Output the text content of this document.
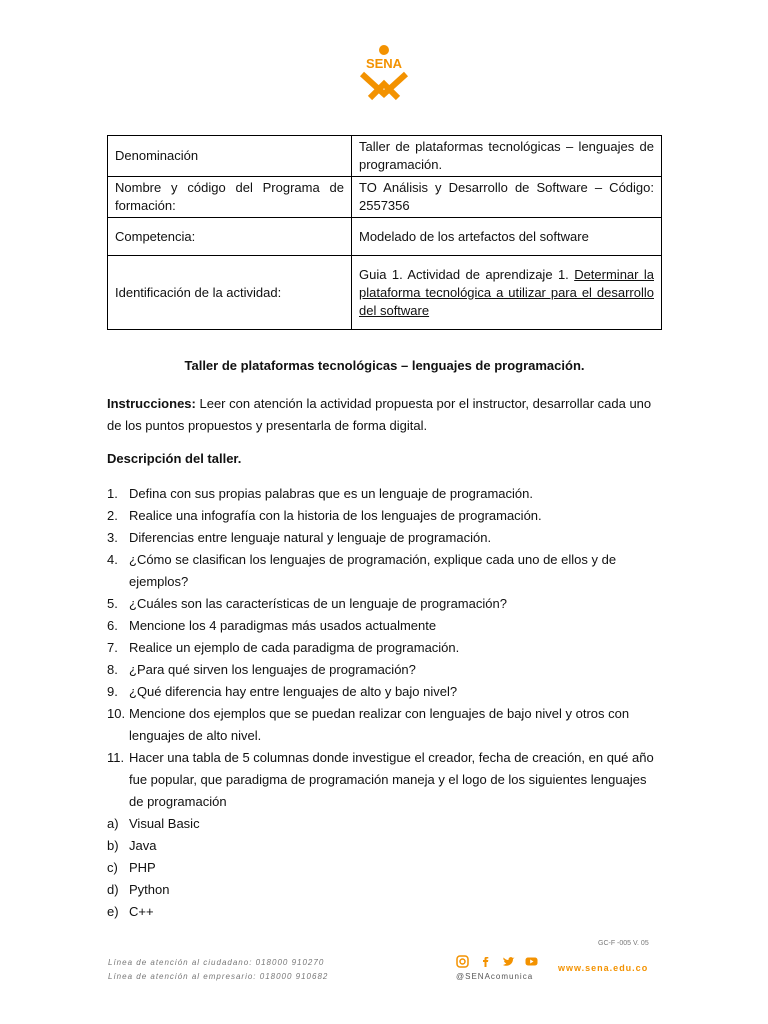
SENA
Denominación	Taller de plataformas tecnológicas – lenguajes de programación.
Nombre y código del Programa de formación:	TO Análisis y Desarrollo de Software – Código: 2557356
Competencia:	Modelado de los artefactos del software
Identificación de la actividad:	Guia 1. Actividad de aprendizaje 1. Determinar la plataforma tecnológica a utilizar para el desarrollo del software
Taller de plataformas tecnológicas – lenguajes de programación.
Instrucciones: Leer con atención la actividad propuesta por el instructor, desarrollar cada uno de los puntos propuestos y presentarla de forma digital.
Descripción del taller.
1. Defina con sus propias palabras que es un lenguaje de programación.
2. Realice una infografía con la historia de los lenguajes de programación.
3. Diferencias entre lenguaje natural y lenguaje de programación.
4. ¿Cómo se clasifican los lenguajes de programación, explique cada uno de ellos y de ejemplos?
5. ¿Cuáles son las características de un lenguaje de programación?
6. Mencione los 4 paradigmas más usados actualmente
7. Realice un ejemplo de cada paradigma de programación.
8. ¿Para qué sirven los lenguajes de programación?
9. ¿Qué diferencia hay entre lenguajes de alto y bajo nivel?
10. Mencione dos ejemplos que se puedan realizar con lenguajes de bajo nivel y otros con lenguajes de alto nivel.
11. Hacer una tabla de 5 columnas donde investigue el creador, fecha de creación, en qué año fue popular, que paradigma de programación maneja y el logo de los siguientes lenguajes de programación
a) Visual Basic
b) Java
c) PHP
d) Python
e) C++
GC-F -005 V. 05
Línea de atención al ciudadano: 018000 910270
Línea de atención al empresario: 018000 910682	@SENAcomunica
www.sena.edu.co
